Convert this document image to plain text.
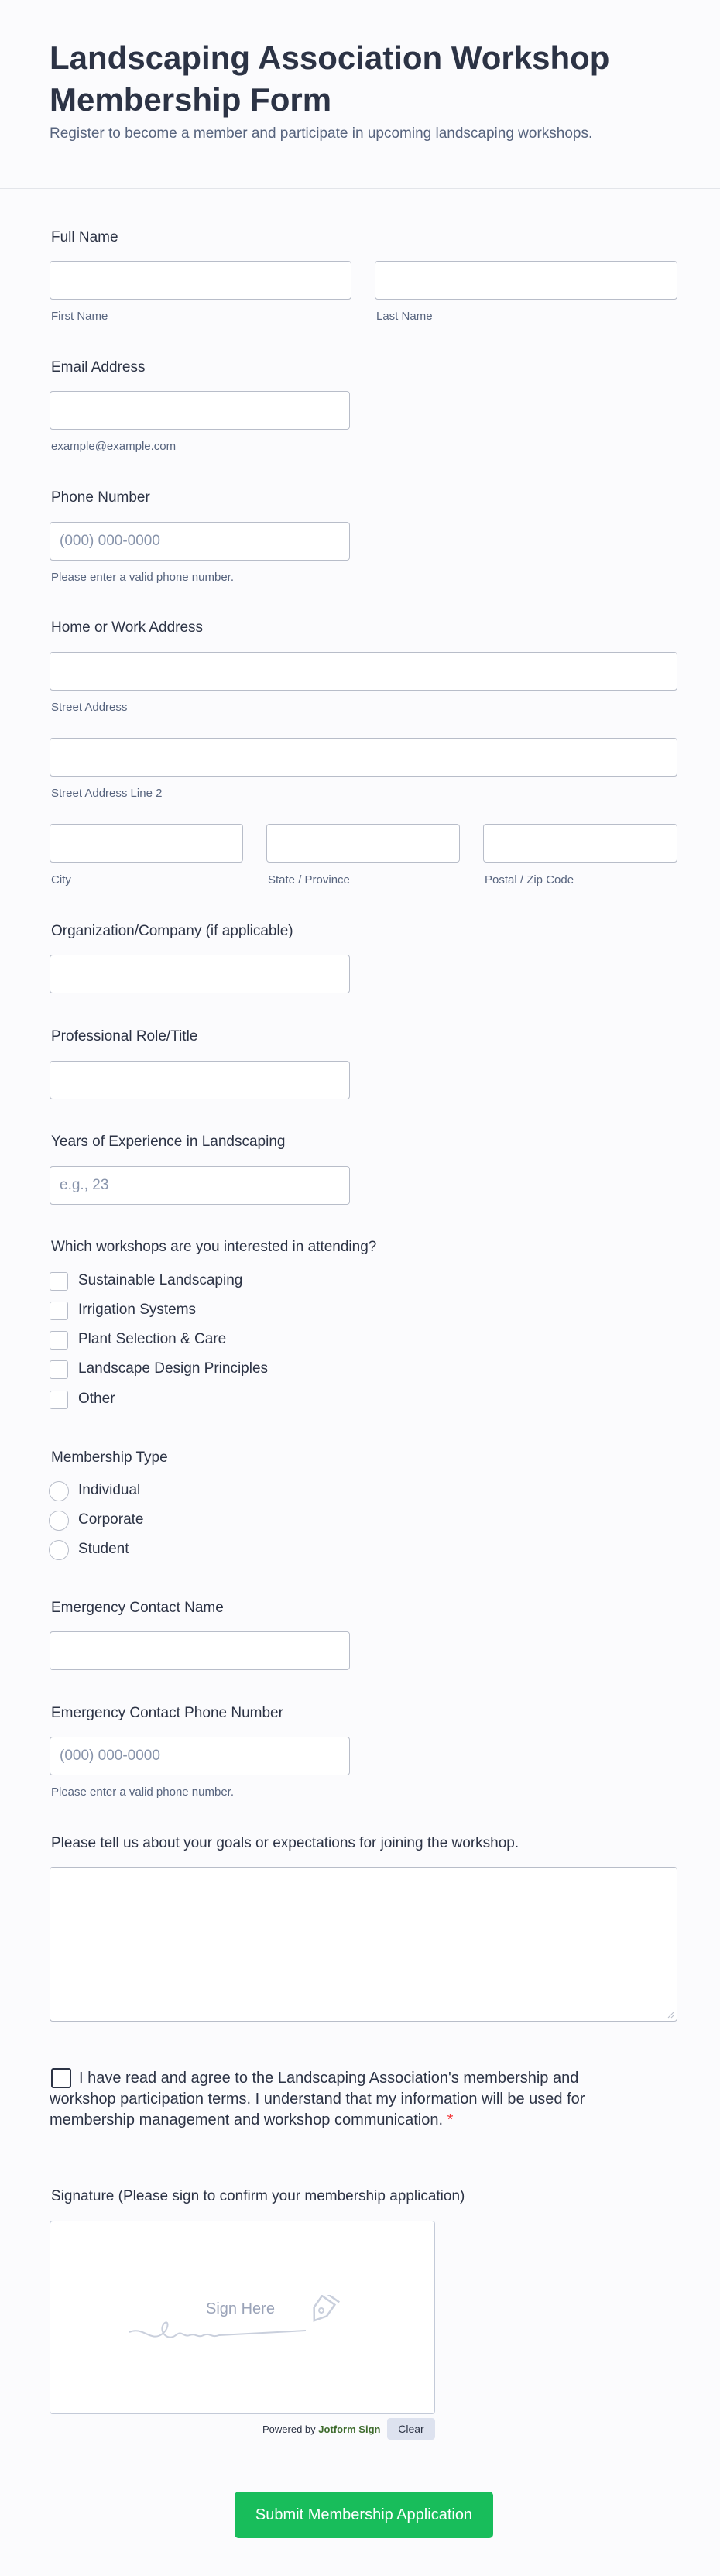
Landscaping Association Workshop Membership Form
Register to become a member and participate in upcoming landscaping workshops.
Full Name
First Name	Last Name
Email Address
example@example.com
Phone Number
(000) 000-0000
Please enter a valid phone number.
Home or Work Address
Street Address
Street Address Line 2
City	State / Province	Postal / Zip Code
Organization/Company (if applicable)
Professional Role/Title
Years of Experience in Landscaping
e.g., 23
Which workshops are you interested in attending?
Sustainable Landscaping
Irrigation Systems
Plant Selection & Care
Landscape Design Principles
Other
Membership Type
Individual
Corporate
Student
Emergency Contact Name
Emergency Contact Phone Number
(000) 000-0000
Please enter a valid phone number.
Please tell us about your goals or expectations for joining the workshop.
I have read and agree to the Landscaping Association's membership and workshop participation terms. I understand that my information will be used for membership management and workshop communication. *
Signature (Please sign to confirm your membership application)
Sign Here
Powered by Jotform Sign	Clear
Submit Membership Application
